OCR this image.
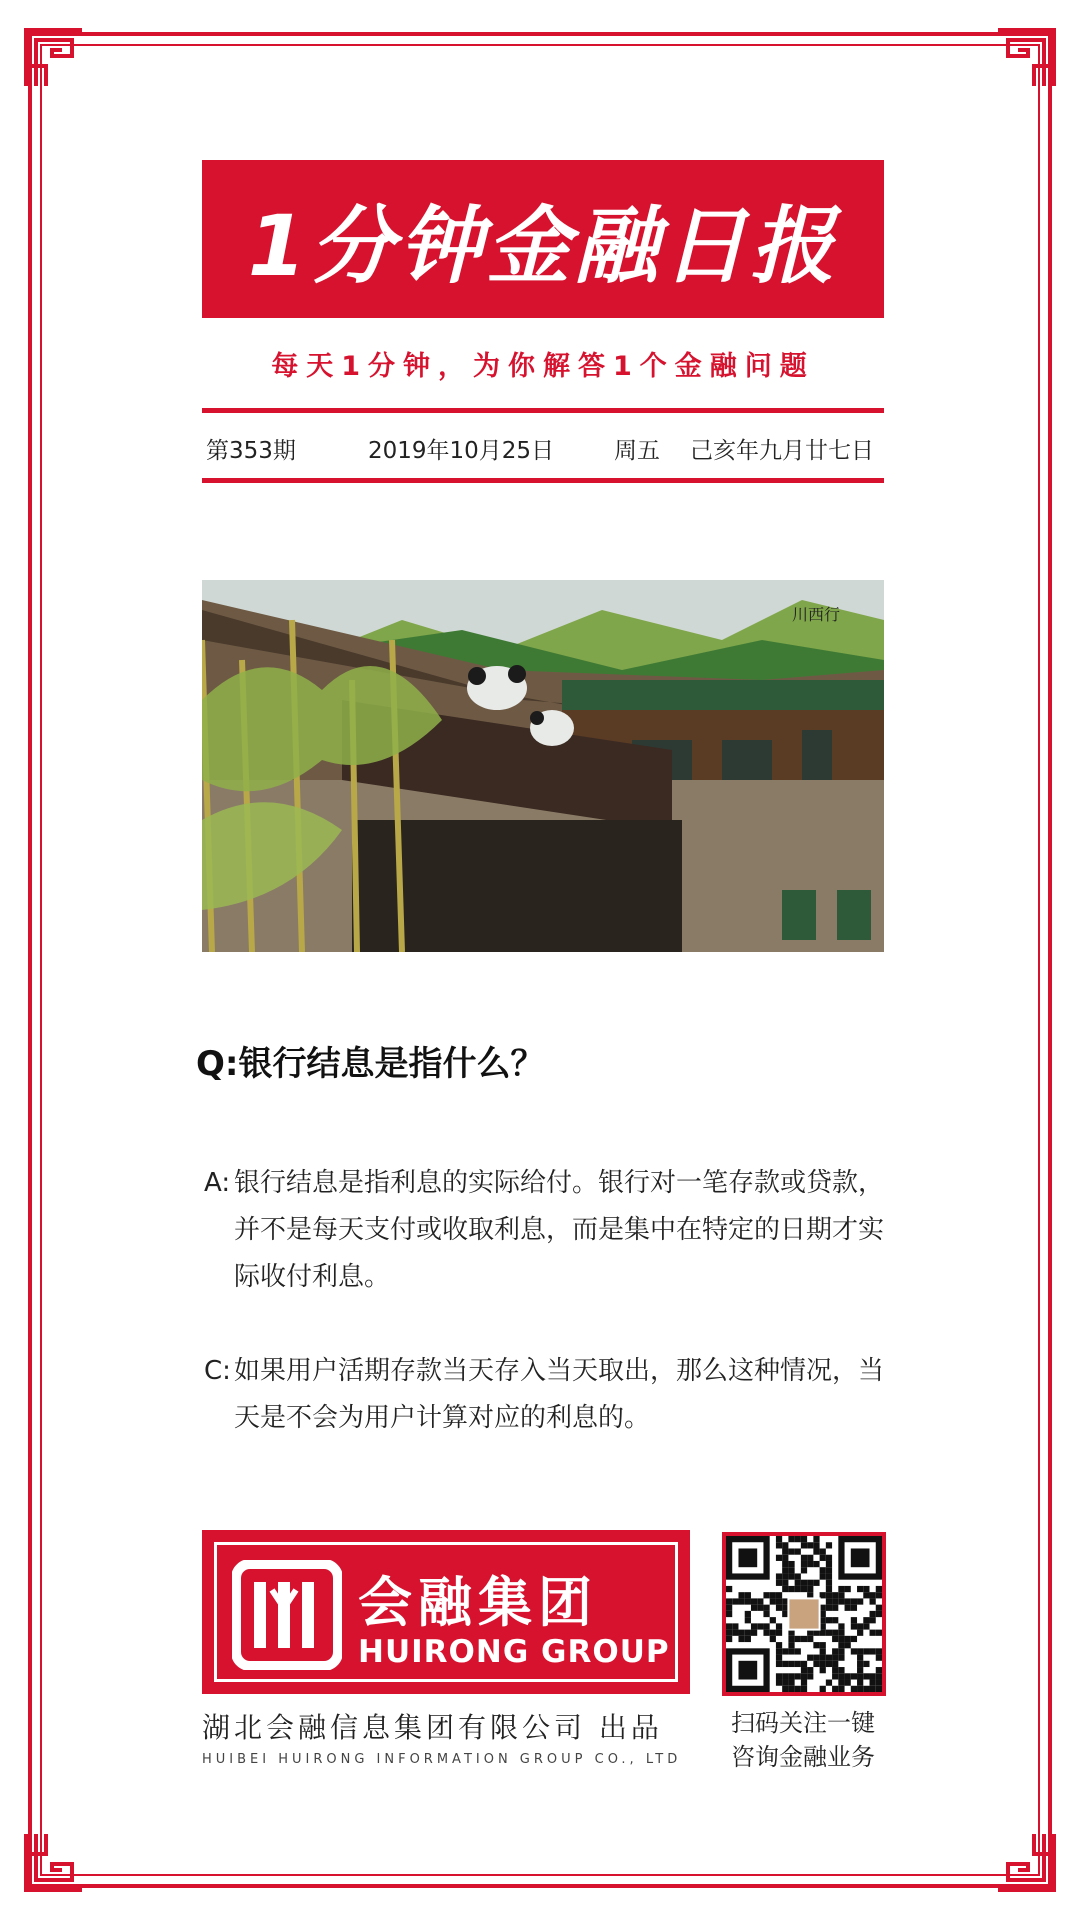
1分钟金融日报
每天1分钟，为你解答1个金融问题
第353期	2019年10月25日	周五 己亥年九月廿七日
川西行
Q:银行结息是指什么？
A: 银行结息是指利息的实际给付。银行对一笔存款或贷款，并不是每天支付或收取利息，而是集中在特定的日期才实际收付利息。
C: 如果用户活期存款当天存入当天取出，那么这种情况，当天是不会为用户计算对应的利息的。
会融集团
HUIRONG GROUP
湖北会融信息集团有限公司 出品
HUIBEI HUIRONG INFORMATION GROUP CO., LTD
扫码关注一键
咨询金融业务
